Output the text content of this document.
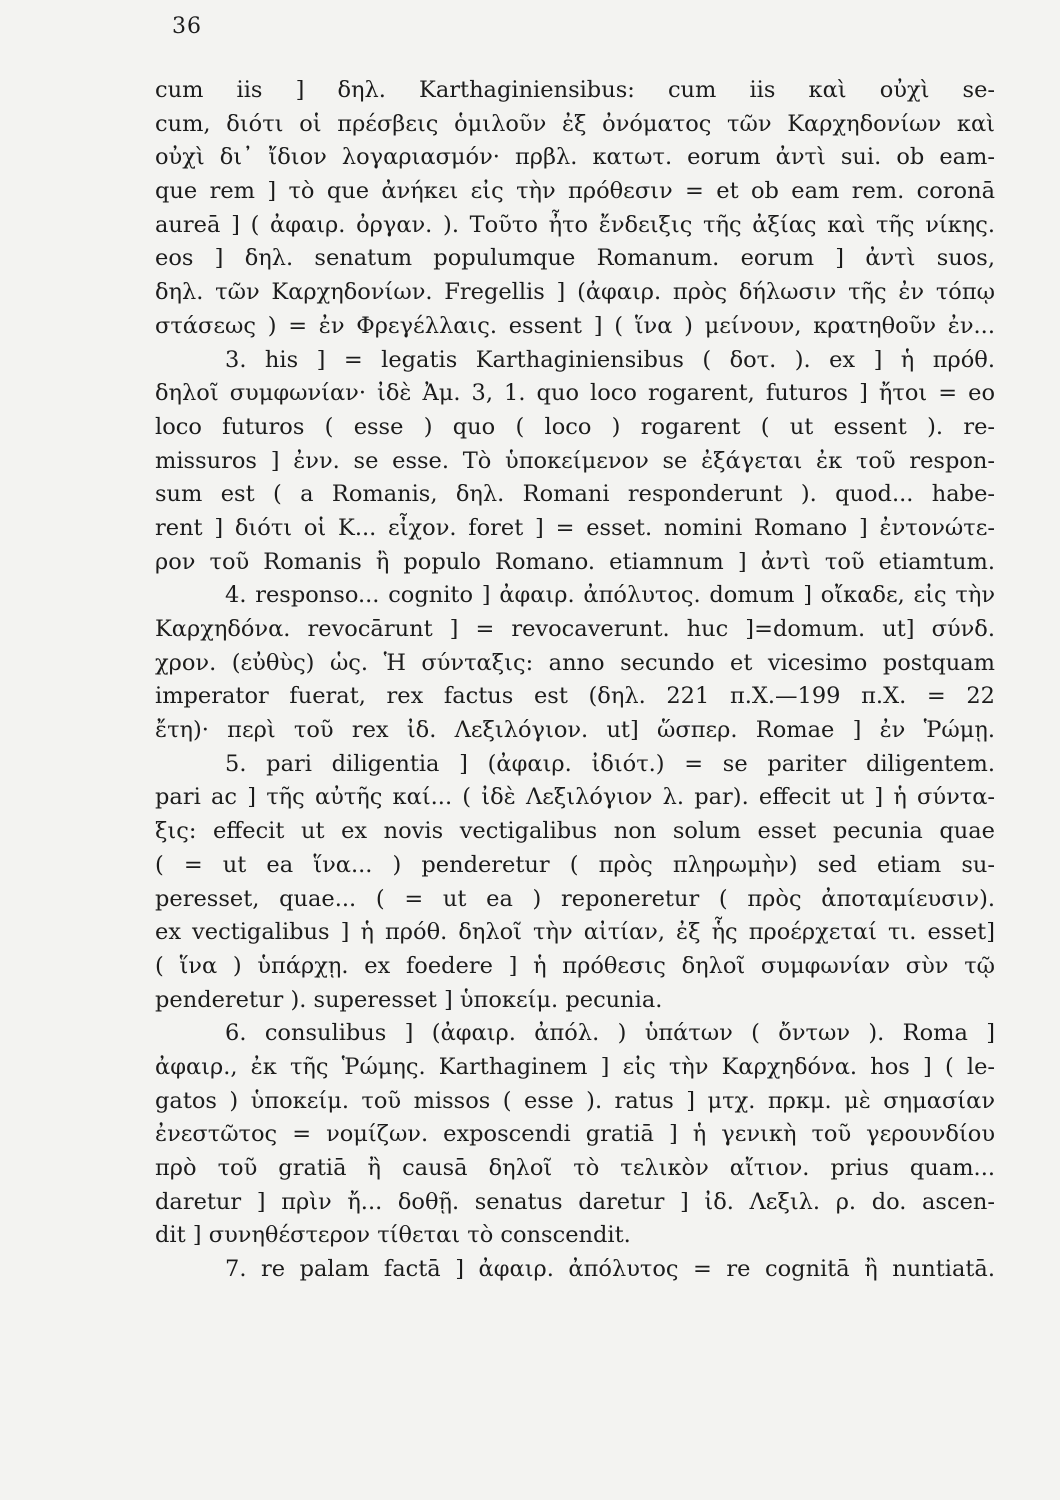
36
cum iis ] δηλ. Karthaginiensibus: cum iis καὶ οὐχὶ se-
cum, διότι οἱ πρέσβεις ὁμιλοῦν ἐξ ὀνόματος τῶν Καρχηδονίων καὶ
οὐχὶ δι᾽ ἴδιον λογαριασμόν· πρβλ. κατωτ. eorum ἀντὶ sui. ob eam-
que rem ] τὸ que ἀνήκει εἰς τὴν πρόθεσιν = et ob eam rem. coronā
aureā ] ( ἀφαιρ. ὀργαν. ). Τοῦτο ἦτο ἔνδειξις τῆς ἀξίας καὶ τῆς νίκης.
eos ] δηλ. senatum populumque Romanum. eorum ] ἀντὶ suos,
δηλ. τῶν Καρχηδονίων. Fregellis ] (ἀφαιρ. πρὸς δήλωσιν τῆς ἐν τόπῳ
στάσεως ) = ἐν Φρεγέλλαις. essent ] ( ἵνα ) μείνουν, κρατηθοῦν ἐν...
3. his ] = legatis Karthaginiensibus ( δοτ. ). ex ] ἡ πρόθ.
δηλοῖ συμφωνίαν· ἰδὲ Ἀμ. 3, 1. quo loco rogarent, futuros ] ἤτοι = eo
loco futuros ( esse ) quo ( loco ) rogarent ( ut essent ). re-
missuros ] ἐνν. se esse. Τὸ ὑποκείμενον se ἐξάγεται ἐκ τοῦ respon-
sum est ( a Romanis, δηλ. Romani responderunt ). quod... habe-
rent ] διότι οἱ K... εἶχον. foret ] = esset. nomini Romano ] ἐντονώτε-
ρον τοῦ Romanis ἢ populo Romano. etiamnum ] ἀντὶ τοῦ etiamtum.
4. responso... cognito ] ἀφαιρ. ἀπόλυτος. domum ] οἴκαδε, εἰς τὴν
Καρχηδόνα. revocārunt ] = revocaverunt. huc ]=domum. ut] σύνδ.
χρον. (εὐθὺς) ὡς. Ἡ σύνταξις: anno secundo et vicesimo postquam
imperator fuerat, rex factus est (δηλ. 221 π.Χ.—199 π.Χ. = 22
ἔτη)· περὶ τοῦ rex ἰδ. Λεξιλόγιον. ut] ὥσπερ. Romae ] ἐν Ῥώμῃ.
5. pari diligentia ] (ἀφαιρ. ἰδιότ.) = se pariter diligentem.
pari ac ] τῆς αὐτῆς καί... ( ἰδὲ Λεξιλόγιον λ. par). effecit ut ] ἡ σύντα-
ξις: effecit ut ex novis vectigalibus non solum esset pecunia quae
( = ut ea ἵνα... ) penderetur ( πρὸς πληρωμὴν) sed etiam su-
peresset, quae... ( = ut ea ) reponeretur ( πρὸς ἀποταμίευσιν).
ex vectigalibus ] ἡ πρόθ. δηλοῖ τὴν αἰτίαν, ἐξ ἧς προέρχεταί τι. esset]
( ἵνα ) ὑπάρχῃ. ex foedere ] ἡ πρόθεσις δηλοῖ συμφωνίαν σὺν τῷ
penderetur ). superesset ] ὑποκείμ. pecunia.
6. consulibus ] (ἀφαιρ. ἀπόλ. ) ὑπάτων ( ὄντων ). Roma ]
ἀφαιρ., ἐκ τῆς Ῥώμης. Karthaginem ] εἰς τὴν Καρχηδόνα. hos ] ( le-
gatos ) ὑποκείμ. τοῦ missos ( esse ). ratus ] μτχ. πρκμ. μὲ σημασίαν
ἐνεστῶτος = νομίζων. exposcendi gratiā ] ἡ γενικὴ τοῦ γερουνδίου
πρὸ τοῦ gratiā ἢ causā δηλοῖ τὸ τελικὸν αἴτιον. prius quam...
daretur ] πρὶν ἤ... δοθῇ. senatus daretur ] ἰδ. Λεξιλ. ρ. do. ascen-
dit ] συνηθέστερον τίθεται τὸ conscendit.
7. re palam factā ] ἀφαιρ. ἀπόλυτος = re cognitā ἢ nuntiatā.
